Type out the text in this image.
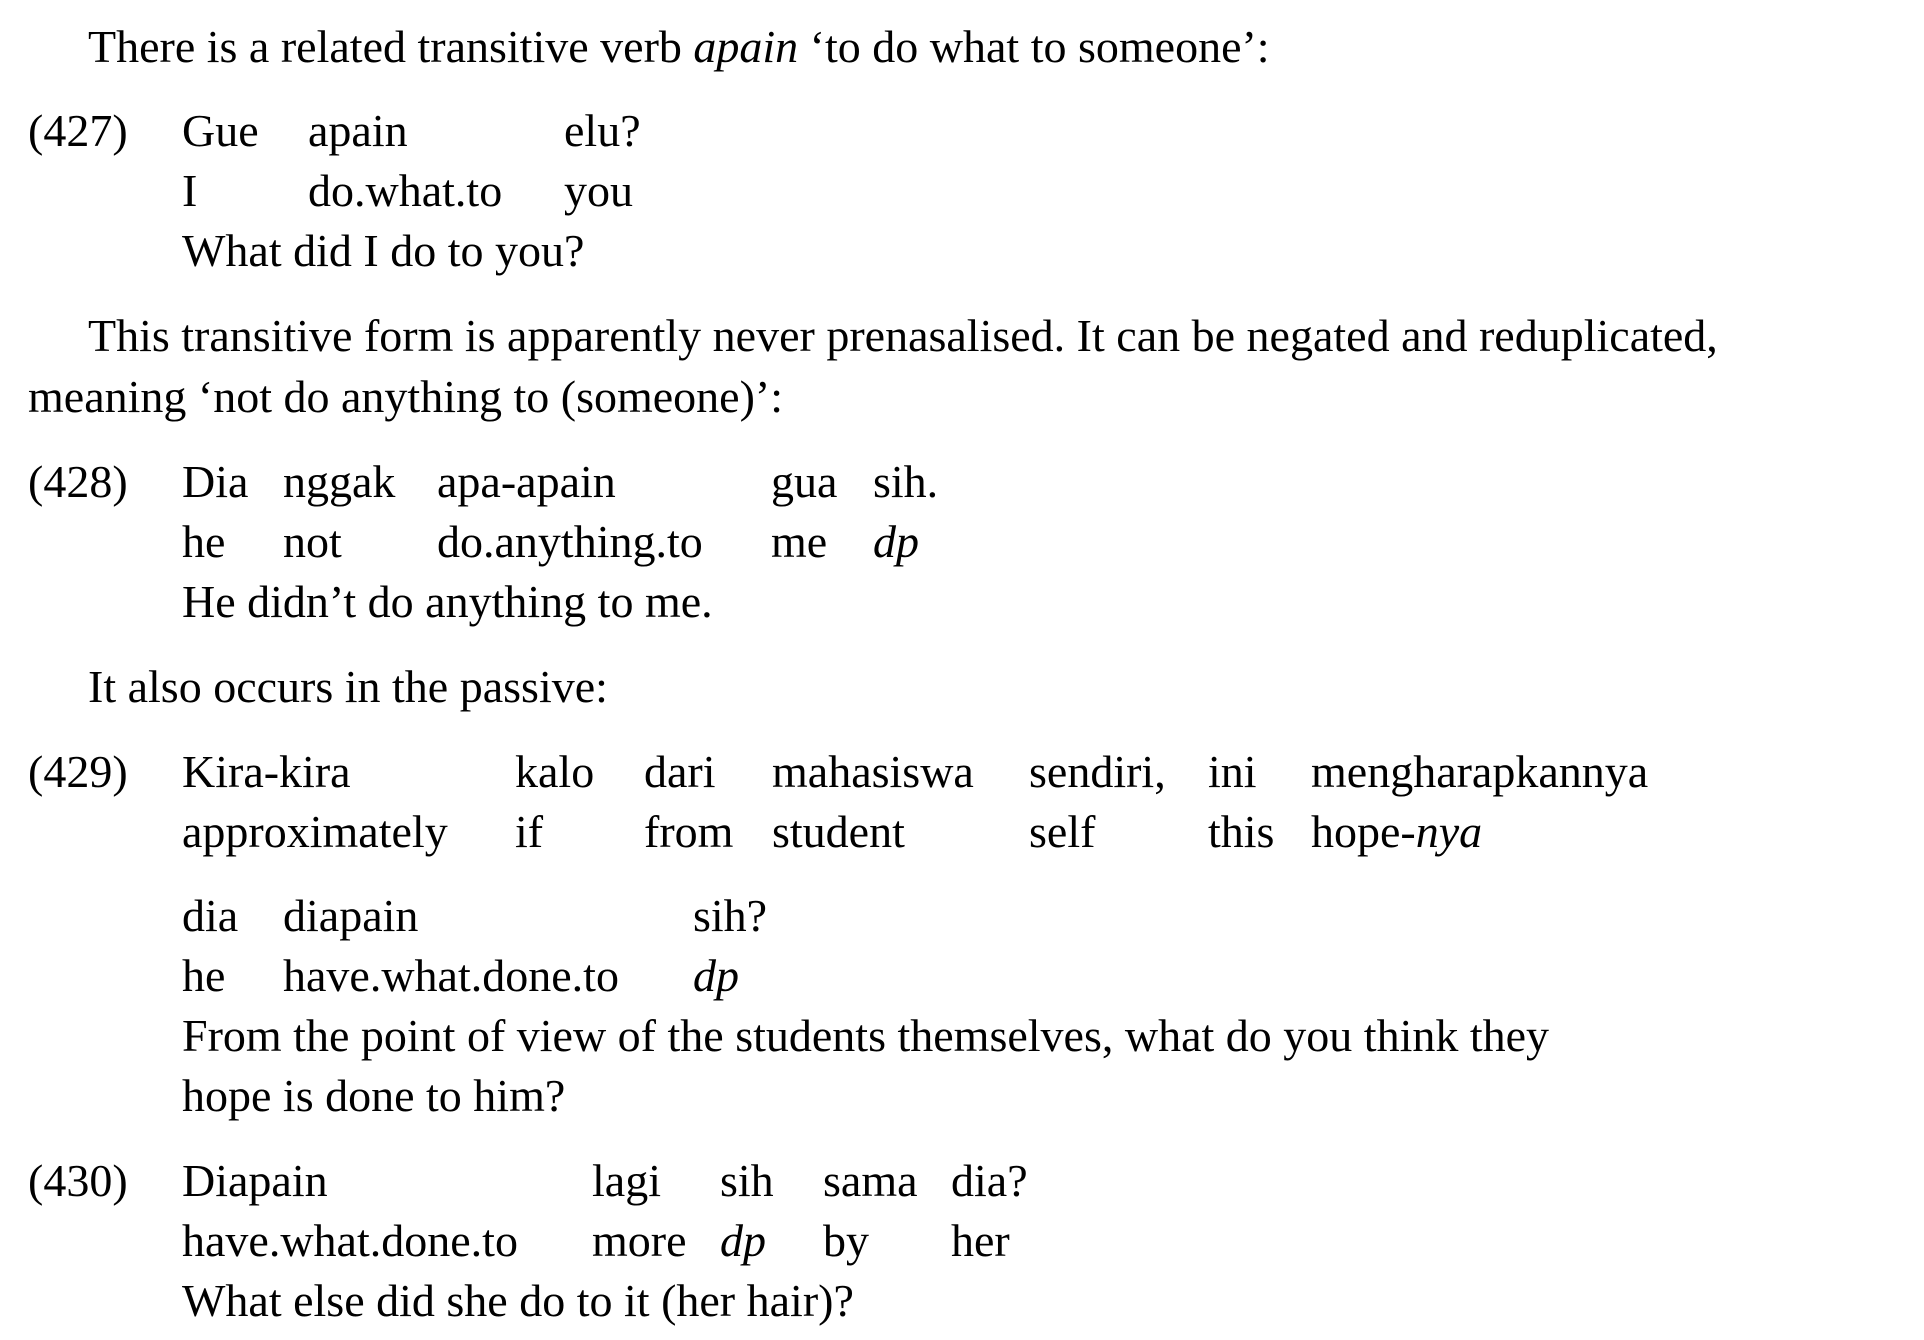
There is a related transitive verb apain ‘to do what to someone’:
(427) Gue	apain	elu?
I	do.what.to	you
What did I do to you?
This transitive form is apparently never prenasalised. It can be negated and reduplicated,
meaning ‘not do anything to (someone)’:
(428) Dia	nggak	apa-apain	gua	sih.
he	not	do.anything.to	me	dp
He didn’t do anything to me.
It also occurs in the passive:
(429) Kira-kira	kalo	dari	mahasiswa	sendiri,	ini	mengharapkannya
approximately	if	from	student	self	this	hope-nya
dia	diapain	sih?
he	have.what.done.to	dp
From the point of view of the students themselves, what do you think they
hope is done to him?
(430) Diapain	lagi	sih	sama	dia?
have.what.done.to	more	dp	by	her
What else did she do to it (her hair)?
